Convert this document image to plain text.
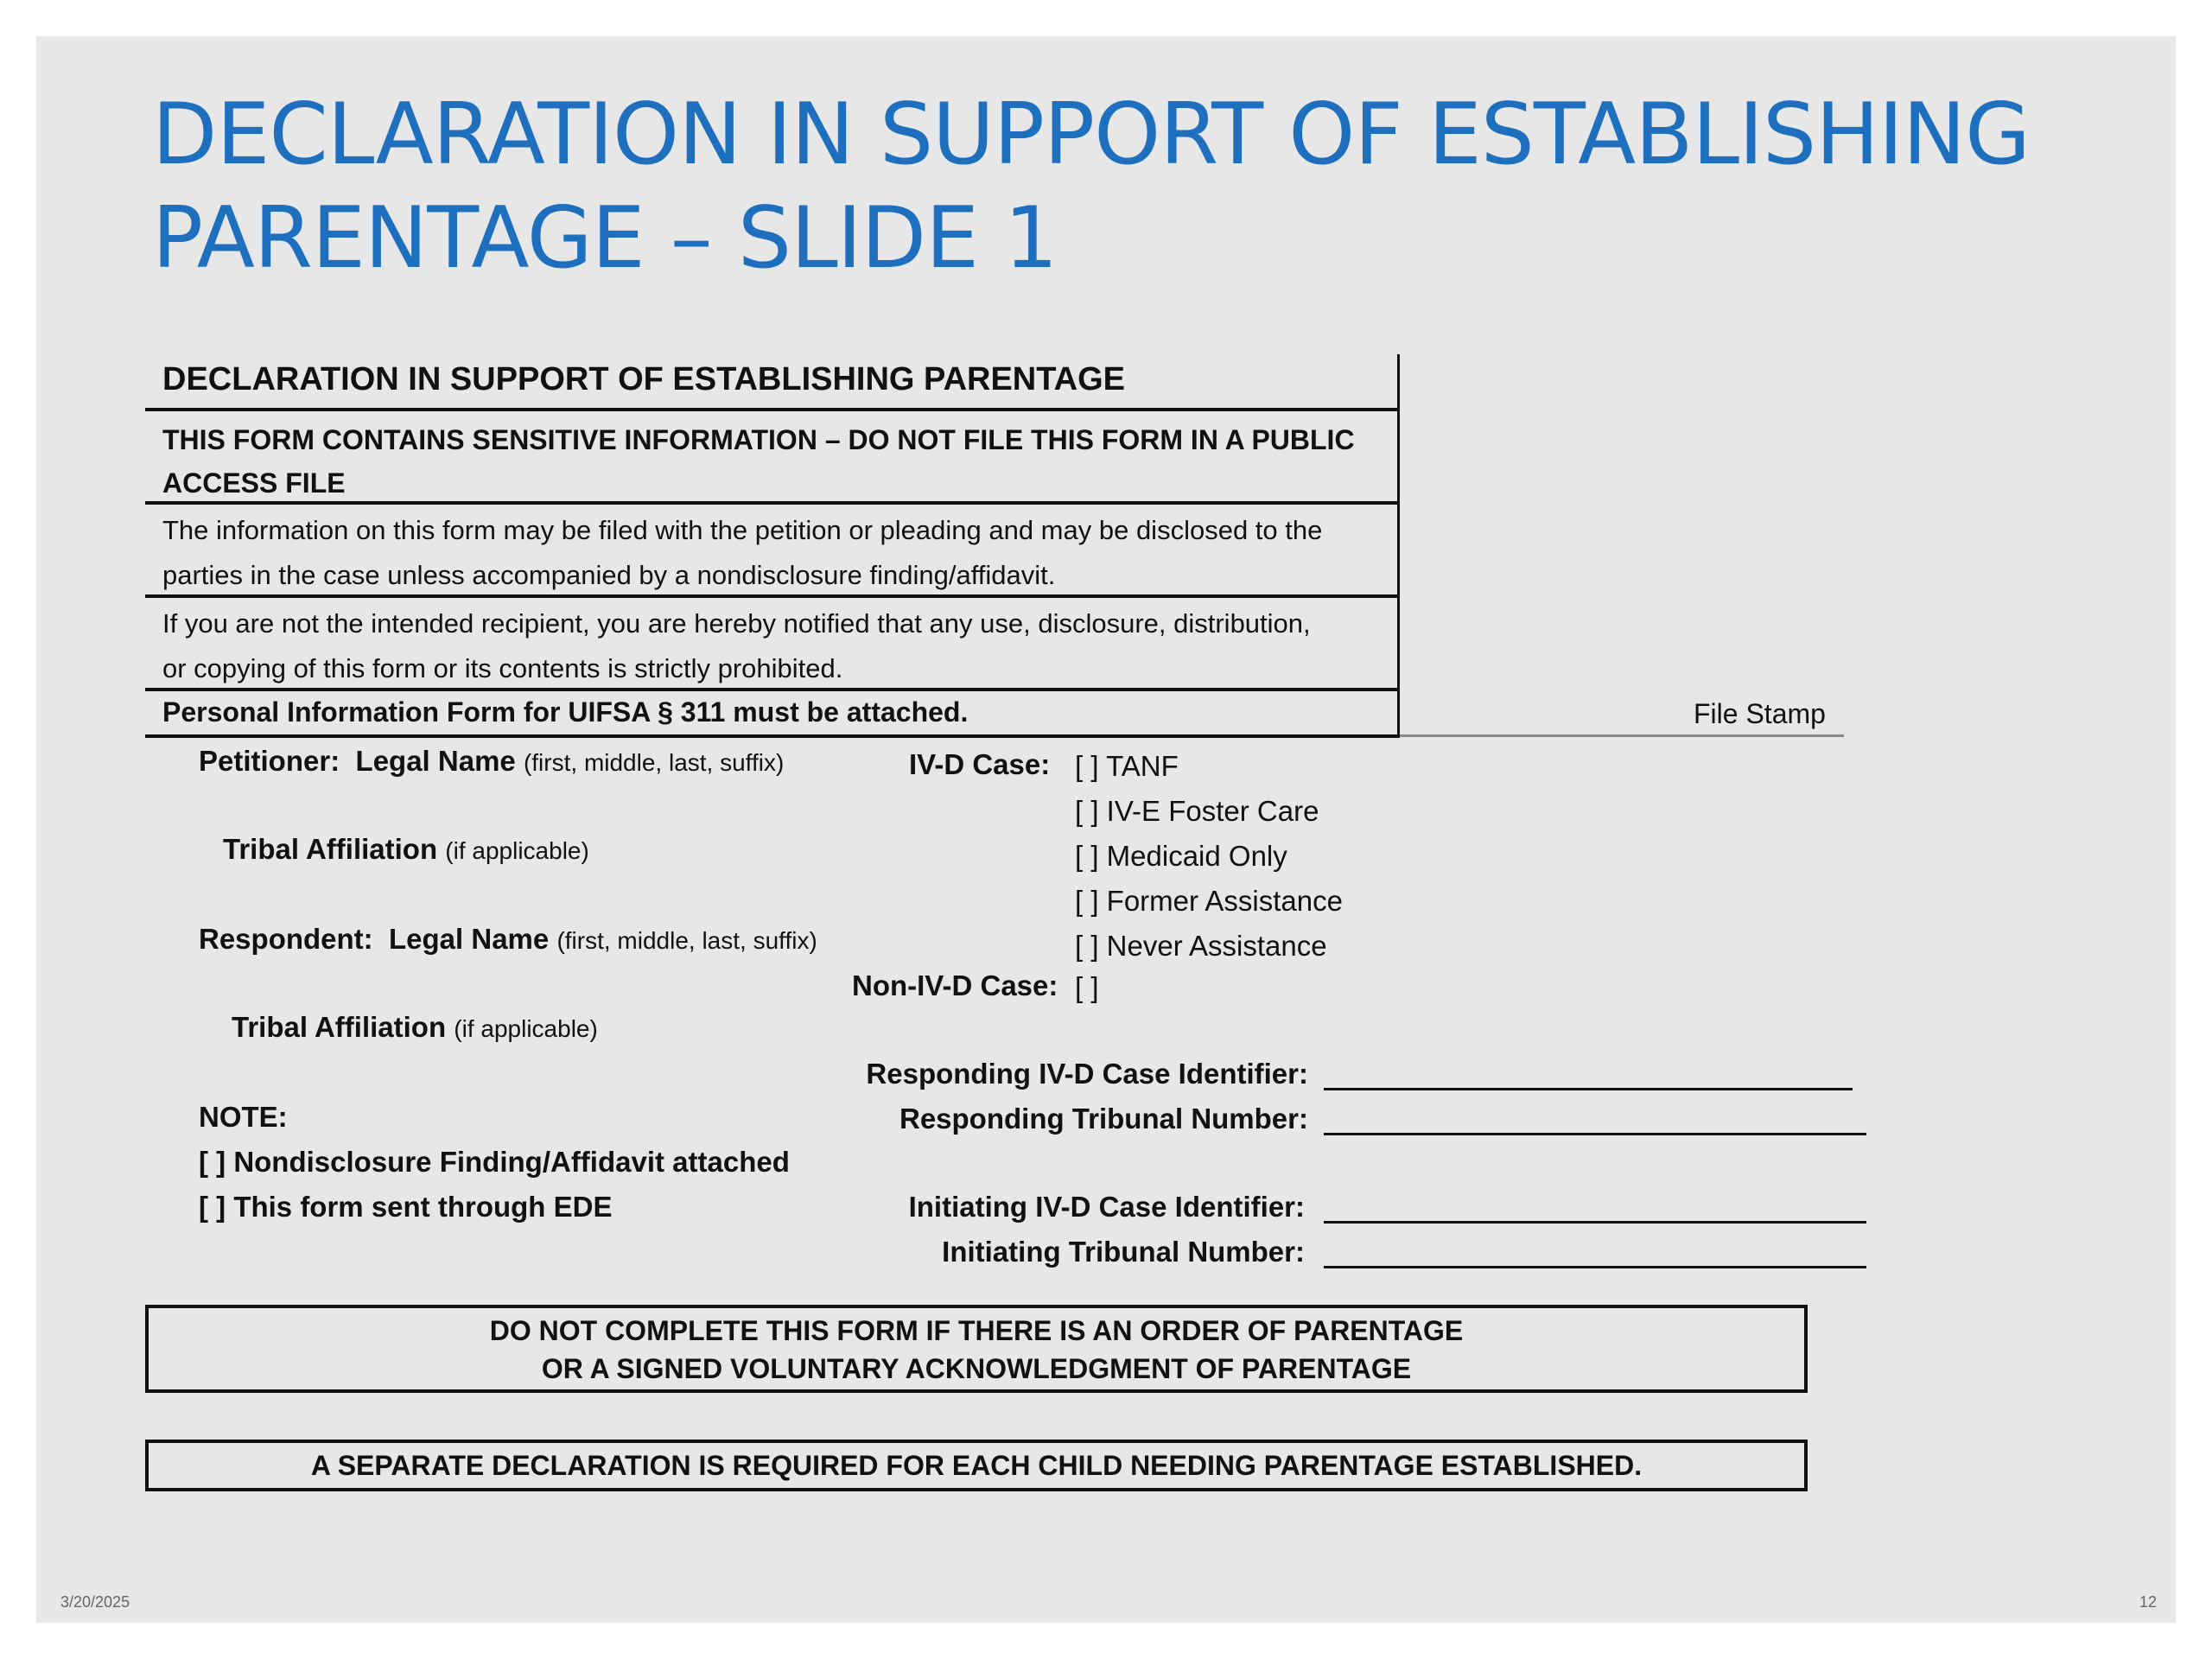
DECLARATION IN SUPPORT OF ESTABLISHING
PARENTAGE – SLIDE 1
DECLARATION IN SUPPORT OF ESTABLISHING PARENTAGE
THIS FORM CONTAINS SENSITIVE INFORMATION – DO NOT FILE THIS FORM IN A PUBLIC
ACCESS FILE
The information on this form may be filed with the petition or pleading and may be disclosed to the
parties in the case unless accompanied by a nondisclosure finding/affidavit.
If you are not the intended recipient, you are hereby notified that any use, disclosure, distribution,
or copying of this form or its contents is strictly prohibited.
Personal Information Form for UIFSA § 311 must be attached.	File Stamp
Petitioner: Legal Name (first, middle, last, suffix)
Tribal Affiliation (if applicable)
Respondent: Legal Name (first, middle, last, suffix)
Tribal Affiliation (if applicable)
NOTE:
[ ] Nondisclosure Finding/Affidavit attached
[ ] This form sent through EDE
IV-D Case: [ ] TANF
[ ] IV-E Foster Care
[ ] Medicaid Only
[ ] Former Assistance
[ ] Never Assistance
Non-IV-D Case: [ ]
Responding IV-D Case Identifier:
Responding Tribunal Number:
Initiating IV-D Case Identifier:
Initiating Tribunal Number:
DO NOT COMPLETE THIS FORM IF THERE IS AN ORDER OF PARENTAGE
OR A SIGNED VOLUNTARY ACKNOWLEDGMENT OF PARENTAGE
A SEPARATE DECLARATION IS REQUIRED FOR EACH CHILD NEEDING PARENTAGE ESTABLISHED.
3/20/2025	12
